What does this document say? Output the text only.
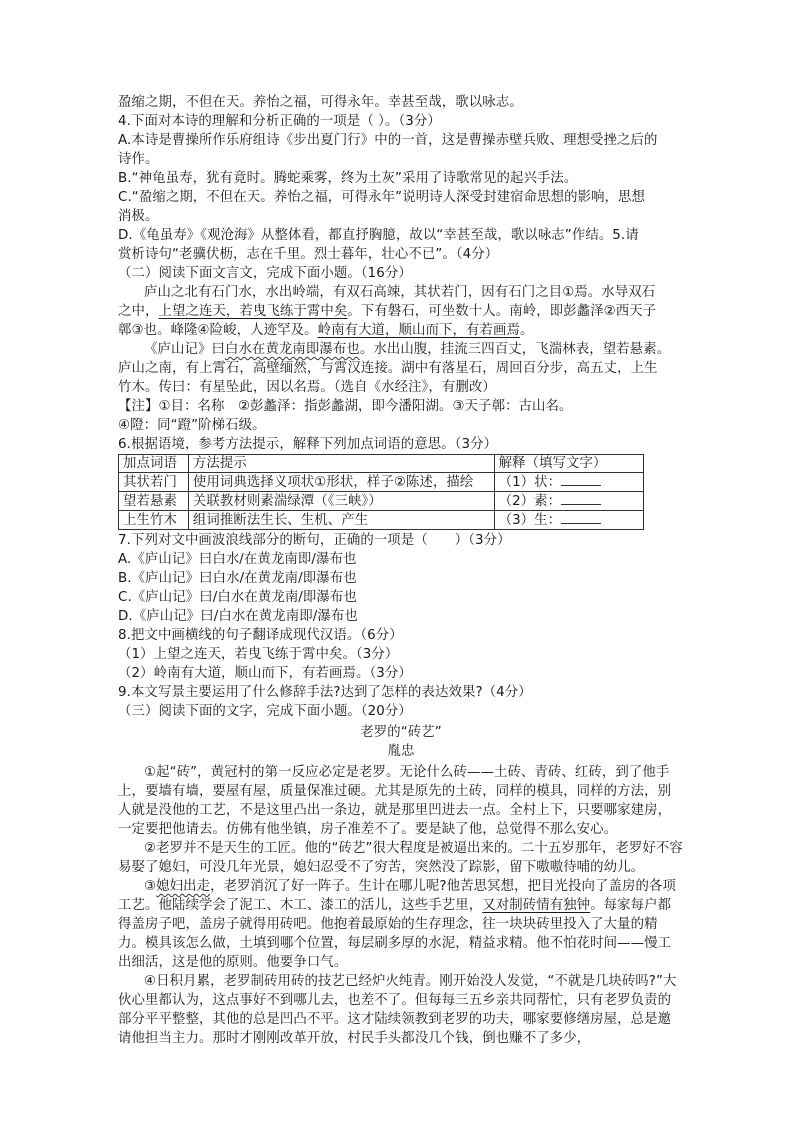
盈缩之期，不但在天。养怡之福，可得永年。幸甚至哉，歌以咏志。

4.下面对本诗的理解和分析正确的一项是（ ）。（3分）

A.本诗是曹操所作乐府组诗《步出夏门行》中的一首，这是曹操赤壁兵败、理想受挫之后的

诗作。

B.“神龟虽寿，犹有竟时。腾蛇乘雾，终为土灰”采用了诗歌常见的起兴手法。

C.“盈缩之期，不但在天。养怡之福，可得永年”说明诗人深受封建宿命思想的影响，思想

消极。

D.《龟虽寿》《观沧海》从整体看，都直抒胸臆，故以“幸甚至哉，歌以咏志”作结。5.请

赏析诗句“老骥伏枥，志在千里。烈士暮年，壮心不已”。（4分）

（二）阅读下面文言文，完成下面小题。（16分）

庐山之北有石门水，水出岭端，有双石高竦，其状若门，因有石门之目①焉。水导双石

之中，上望之连天，若曳飞练于霄中矣。下有磐石，可坐数十人。南岭，即彭蠡泽②西天子

鄣③也。峰隆④险峻，人迹罕及。岭南有大道，顺山而下，有若画焉。

《庐山记》曰白水在黄龙南即瀑布也。水出山腹，挂流三四百丈，飞湍林表，望若悬素。

庐山之南，有上霄石，高壁缅然，与霄汉连接。湖中有落星石，周回百分步，高五丈，上生

竹木。传曰：有星坠此，因以名焉。（选自《水经注》，有删改）

【注】①目：名称　②彭蠡泽：指彭蠡湖，即今潘阳湖。③天子鄣：古山名。

④隥：同“蹬”阶梯石级。

6.根据语境，参考方法提示，解释下列加点词语的意思。（3分）

加点词语	方法提示	解释（填写文字）
其状若门	使用词典选择义项状①形状，样子②陈述，描绘	（1）状：
望若悬素	关联教材则素湍绿潭（《三峡》）	（2）素：
上生竹木	组词推断法生长、生机、产生	（3）生：

7.下列对文中画波浪线部分的断句，正确的一项是（　　）（3分）

A.《庐山记》曰白水/在黄龙南即/瀑布也

B.《庐山记》曰白水/在黄龙南/即瀑布也

C.《庐山记》曰/白水在黄龙南/即瀑布也

D.《庐山记》曰/白水在黄龙南即/瀑布也

8.把文中画横线的句子翻译成现代汉语。（6分）

（1）上望之连天，若曳飞练于霄中矣。（3分）

（2）岭南有大道，顺山而下，有若画焉。（3分）

9.本文写景主要运用了什么修辞手法?达到了怎样的表达效果?（4分）

（三）阅读下面的文字，完成下面小题。（20分）

老罗的“砖艺”

胤忠

①起“砖”，黄冠村的第一反应必定是老罗。无论什么砖——土砖、青砖、红砖，到了他手上，要墙有墙，要屋有屋，质量保准过硬。尤其是原先的土砖，同样的模具，同样的方法，别人就是没他的工艺，不是这里凸出一条边，就是那里凹进去一点。全村上下，只要哪家建房，一定要把他请去。仿佛有他坐镇，房子准差不了。要是缺了他，总觉得不那么安心。

②老罗并不是天生的工匠。他的“砖艺”很大程度是被逼出来的。二十五岁那年，老罗好不容易娶了媳妇，可没几年光景，媳妇忍受不了穷苦，突然没了踪影，留下嗷嗷待哺的幼儿。

③媳妇出走，老罗消沉了好一阵子。生计在哪儿呢?他苦思冥想，把目光投向了盖房的各项工艺。他陆续学会了泥工、木工、漆工的活儿，这些手艺里，又对制砖情有独钟。每家每户都得盖房子吧，盖房子就得用砖吧。他抱着最原始的生存理念，往一块块砖里投入了大量的精力。模具该怎么做，土填到哪个位置，每层刷多厚的水泥，精益求精。他不怕花时间——慢工出细活，这是他的原则。他要争口气。

④日积月累，老罗制砖用砖的技艺已经炉火纯青。刚开始没人发觉，“不就是几块砖吗?”大伙心里都认为，这点事好不到哪儿去，也差不了。但每每三五乡亲共同帮忙，只有老罗负责的部分平平整整，其他的总是凹凸不平。这才陆续领教到老罗的功夫，哪家要修缮房屋，总是邀请他担当主力。那时才刚刚改革开放，村民手头都没几个钱，倒也赚不了多少，
